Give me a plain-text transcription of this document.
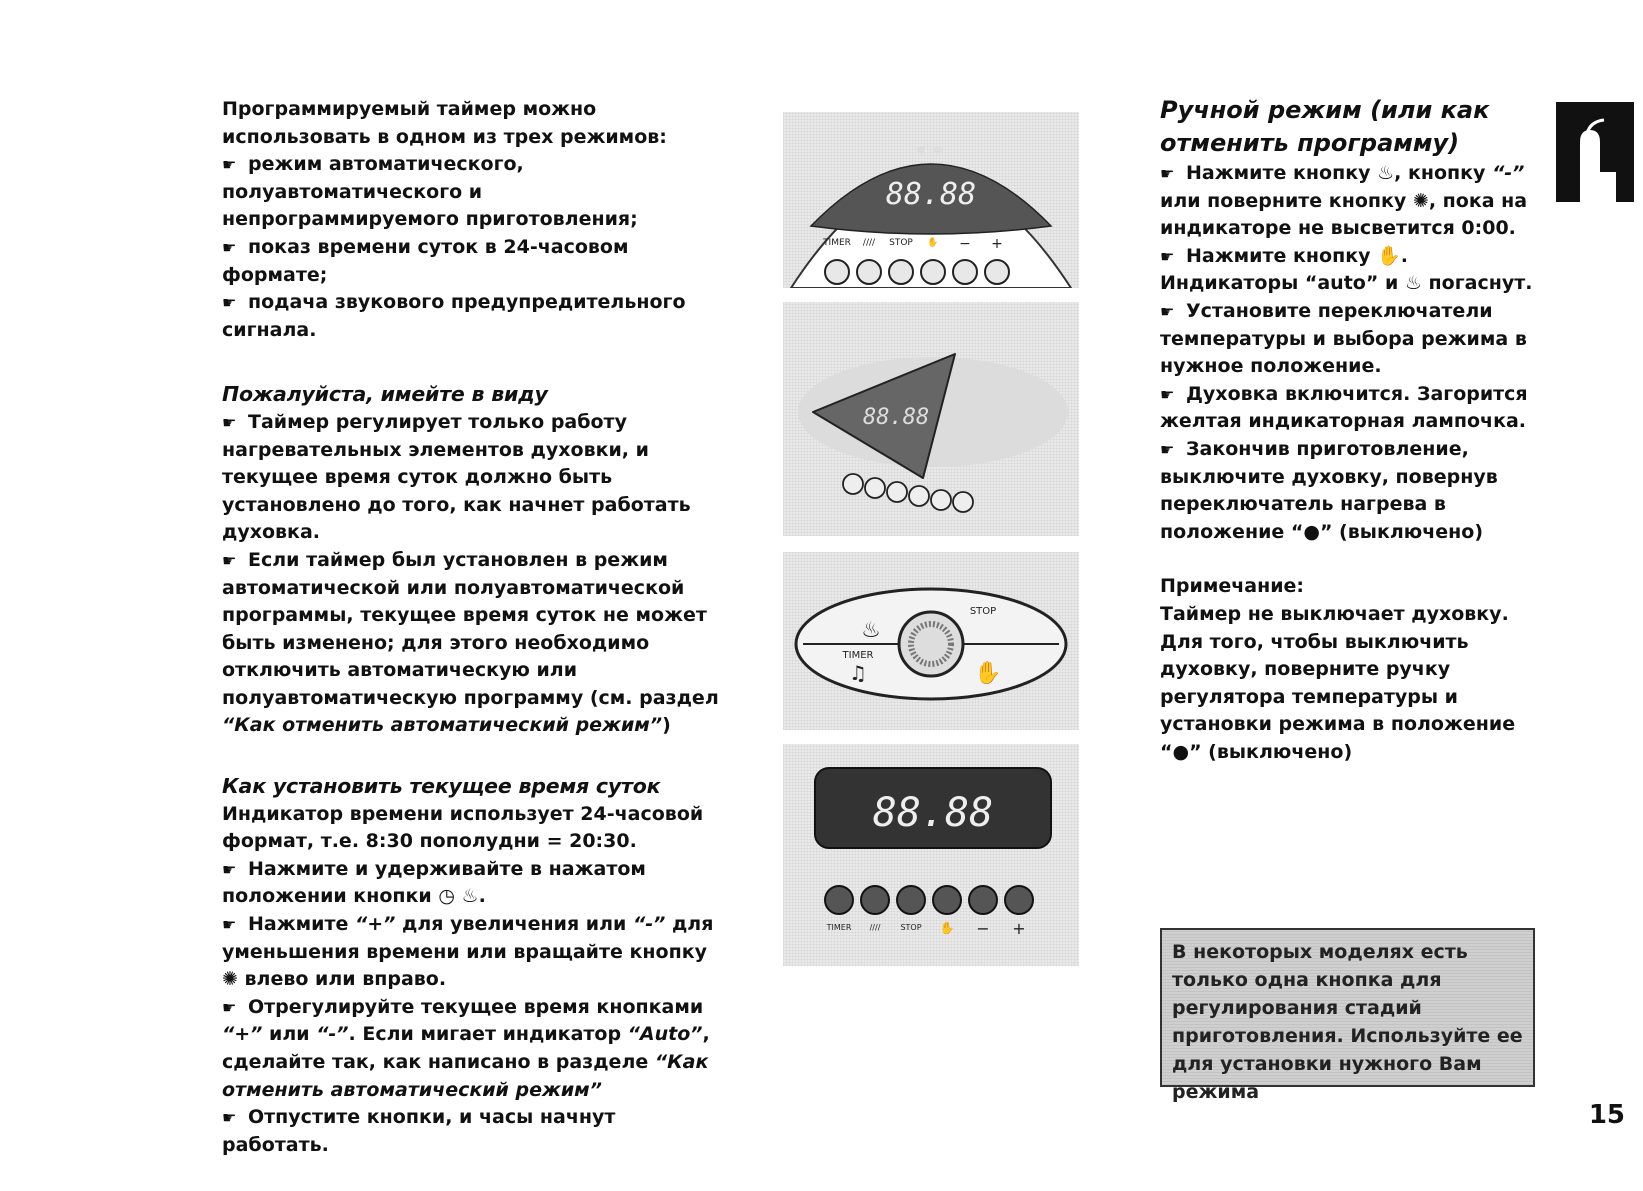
Программируемый таймер можно использовать в одном из трех режимов:

☛ режим автоматического, полуавтоматического и непрограммируемого приготовления;

☛ показ времени суток в 24-часовом формате;

☛ подача звукового предупредительного сигнала.

Пожалуйста, имейте в виду

☛ Таймер регулирует только работу нагревательных элементов духовки, и текущее время суток должно быть установлено до того, как начнет работать духовка.

☛ Если таймер был установлен в режим автоматической или полуавтоматической программы, текущее время суток не может быть изменено; для этого необходимо отключить автоматическую или полуавтоматическую программу (см. раздел “Как отменить автоматический режим”)

Как установить текущее время суток

Индикатор времени использует 24-часовой формат, т.е. 8:30 пополудни = 20:30.

☛ Нажмите и удерживайте в нажатом положении кнопки ◷ ♨.

☛ Нажмите “+” для увеличения или “-” для уменьшения времени или вращайте кнопку ✺ влево или вправо.

☛ Отрегулируйте текущее время кнопками “+” или “-”. Если мигает индикатор “Auto”, сделайте так, как написано в разделе “Как отменить автоматический режим”

☛ Отпустите кнопки, и часы начнут работать.

88.88
TIMER //// STOP ✋ − +
88.88
♨
STOP
TIMER
♫	✋
88.88
TIMER ////	STOP ✋ − +

Ручной режим (или как отменить программу)

☛ Нажмите кнопку ♨, кнопку “-” или поверните кнопку ✺, пока на индикаторе не высветится 0:00.

☛ Нажмите кнопку ✋. Индикаторы “auto” и ♨ погаснут.

☛ Установите переключатели температуры и выбора режима в нужное положение.

☛ Духовка включится. Загорится желтая индикаторная лампочка.

☛ Закончив приготовление, выключите духовку, повернув переключатель нагрева в положение “●” (выключено)

Примечание:

Таймер не выключает духовку. Для того, чтобы выключить духовку, поверните ручку регулятора температуры и установки режима в положение “●” (выключено)

В некоторых моделях есть только одна кнопка для регулирования стадий приготовления. Используйте ее для установки нужного Вам режима

15
